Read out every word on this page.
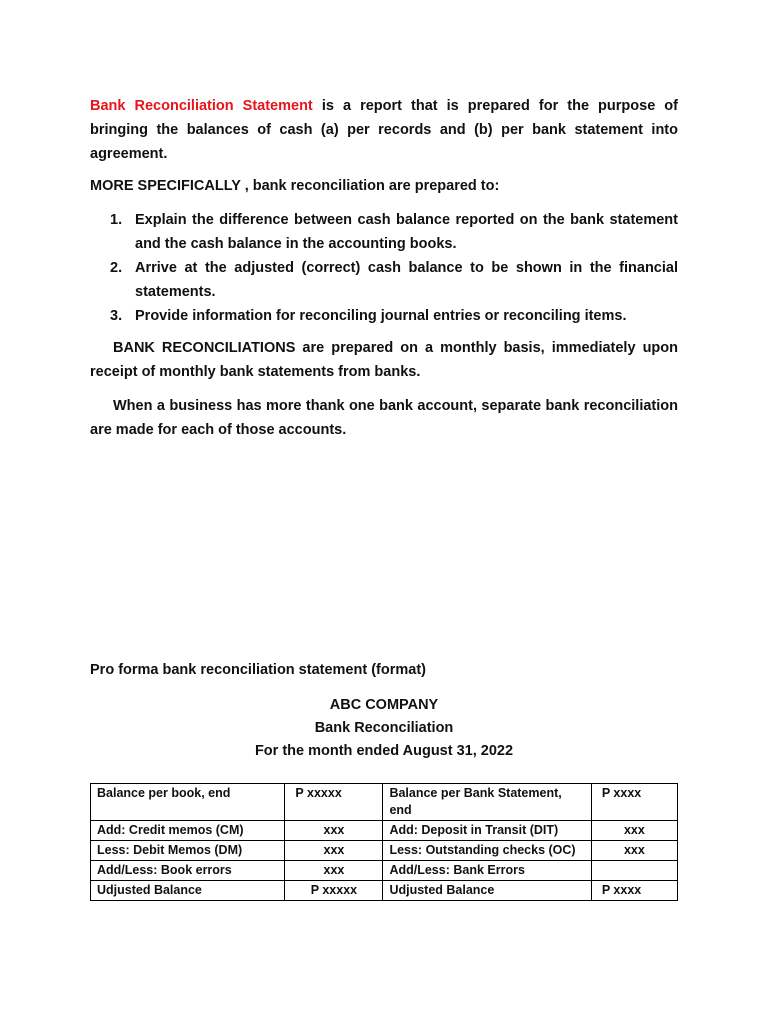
Bank Reconciliation Statement is a report that is prepared for the purpose of bringing the balances of cash (a) per records and (b) per bank statement into agreement.

MORE SPECIFICALLY , bank reconciliation are prepared to:

1. Explain the difference between cash balance reported on the bank statement and the cash balance in the accounting books.
2. Arrive at the adjusted (correct) cash balance to be shown in the financial statements.
3. Provide information for reconciling journal entries or reconciling items.

BANK RECONCILIATIONS are prepared on a monthly basis, immediately upon receipt of monthly bank statements from banks.

When a business has more thank one bank account, separate bank reconciliation are made for each of those accounts.

Pro forma bank reconciliation statement (format)
ABC COMPANY
Bank Reconciliation
For the month ended August 31, 2022
Balance per book, end	P xxxxx	Balance per Bank Statement, end	P xxxx
Add: Credit memos (CM)	xxx	Add: Deposit in Transit (DIT)	xxx
Less: Debit Memos (DM)	xxx	Less: Outstanding checks (OC)	xxx
Add/Less: Book errors	xxx	Add/Less: Bank Errors	
Udjusted Balance	P xxxxx	Udjusted Balance	P xxxx
